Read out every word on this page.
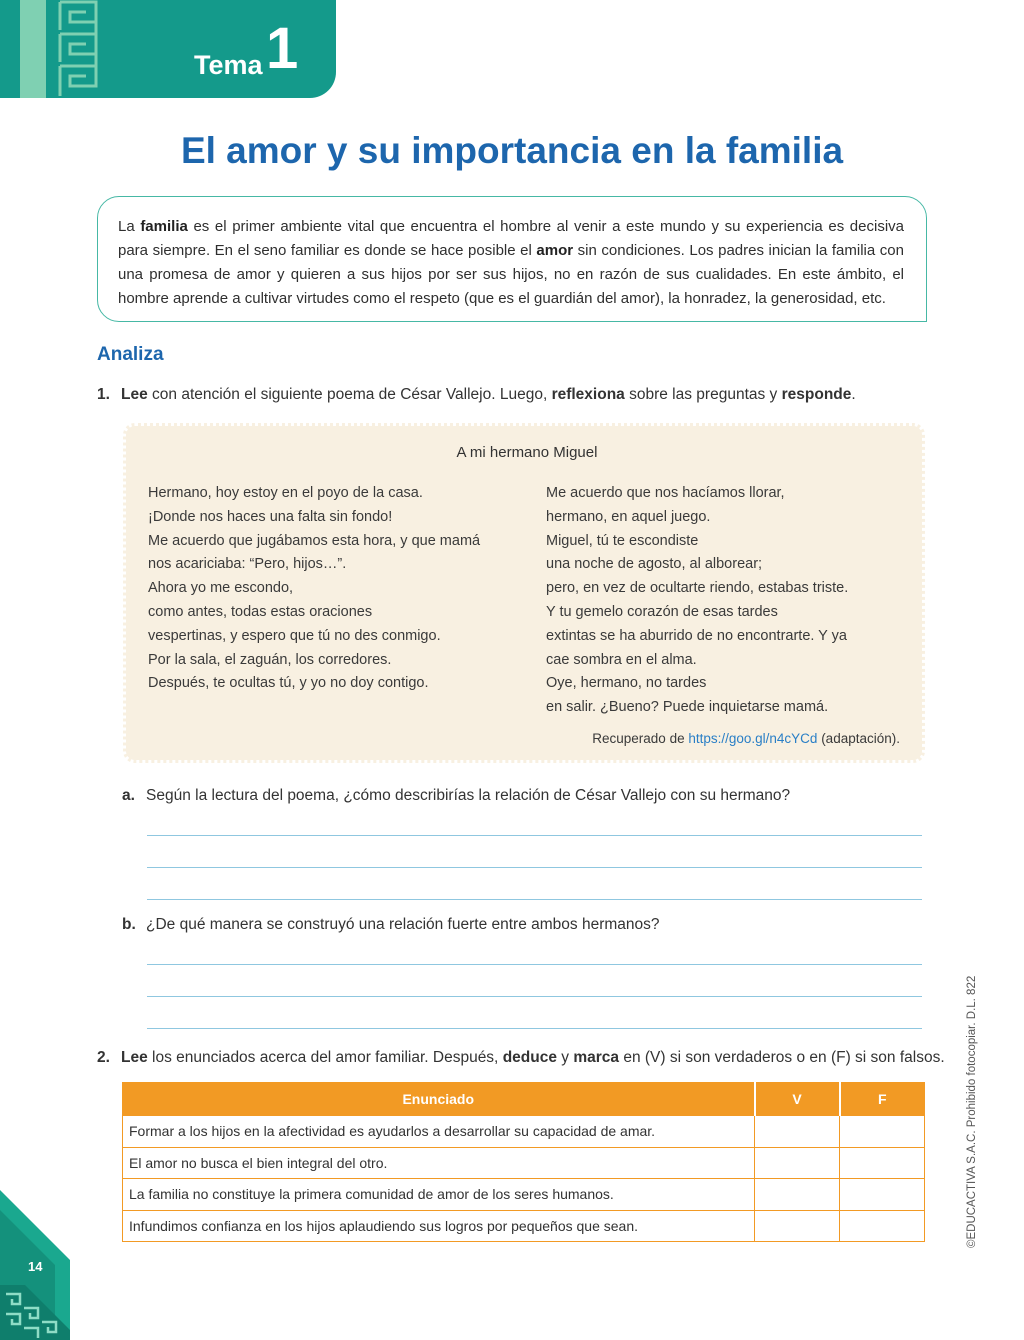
Tema 1
El amor y su importancia en la familia
La familia es el primer ambiente vital que encuentra el hombre al venir a este mundo y su experiencia es decisiva para siempre. En el seno familiar es donde se hace posible el amor sin condiciones. Los padres inician la familia con una promesa de amor y quieren a sus hijos por ser sus hijos, no en razón de sus cualidades. En este ámbito, el hombre aprende a cultivar virtudes como el respeto (que es el guardián del amor), la honradez, la generosidad, etc.
Analiza
1. Lee con atención el siguiente poema de César Vallejo. Luego, reflexiona sobre las preguntas y responde.
A mi hermano Miguel
Hermano, hoy estoy en el poyo de la casa.
¡Donde nos haces una falta sin fondo!
Me acuerdo que jugábamos esta hora, y que mamá
nos acariciaba: “Pero, hijos…”.
Ahora yo me escondo,
como antes, todas estas oraciones
vespertinas, y espero que tú no des conmigo.
Por la sala, el zaguán, los corredores.
Después, te ocultas tú, y yo no doy contigo.
Me acuerdo que nos hacíamos llorar,
hermano, en aquel juego.
Miguel, tú te escondiste
una noche de agosto, al alborear;
pero, en vez de ocultarte riendo, estabas triste.
Y tu gemelo corazón de esas tardes
extintas se ha aburrido de no encontrarte. Y ya
cae sombra en el alma.
Oye, hermano, no tardes
en salir. ¿Bueno? Puede inquietarse mamá.
Recuperado de https://goo.gl/n4cYCd (adaptación).
a. Según la lectura del poema, ¿cómo describirías la relación de César Vallejo con su hermano?
b. ¿De qué manera se construyó una relación fuerte entre ambos hermanos?
2. Lee los enunciados acerca del amor familiar. Después, deduce y marca en (V) si son verdaderos o en (F) si son falsos.
Enunciado	V	F
Formar a los hijos en la afectividad es ayudarlos a desarrollar su capacidad de amar.		
El amor no busca el bien integral del otro.		
La familia no constituye la primera comunidad de amor de los seres humanos.		
Infundimos confianza en los hijos aplaudiendo sus logros por pequeños que sean.			©EDUCACTIVA S.A.C. Prohibido fotocopiar. D.L. 822
14
